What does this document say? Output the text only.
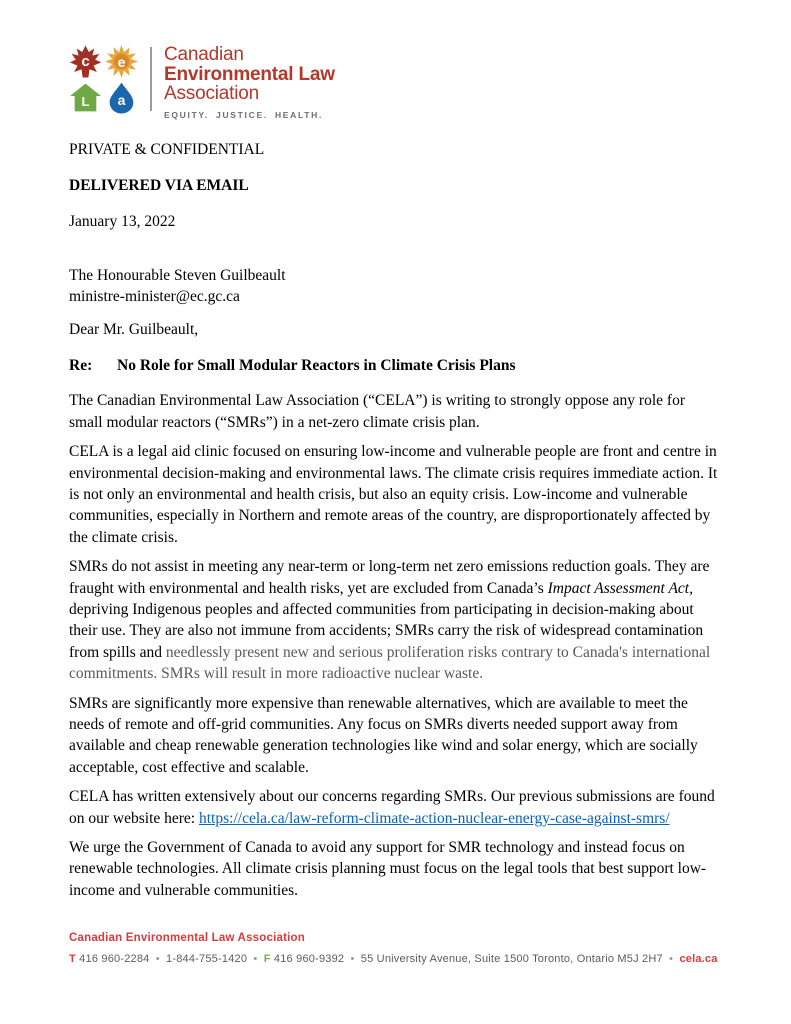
c	e
L	a
Canadian
Environmental Law
Association
EQUITY. JUSTICE. HEALTH.
PRIVATE & CONFIDENTIAL
DELIVERED VIA EMAIL
January 13, 2022
The Honourable Steven Guilbeault
ministre-minister@ec.gc.ca
Dear Mr. Guilbeault,
Re: No Role for Small Modular Reactors in Climate Crisis Plans
The Canadian Environmental Law Association (“CELA”) is writing to strongly oppose any role for
small modular reactors (“SMRs”) in a net-zero climate crisis plan.
CELA is a legal aid clinic focused on ensuring low-income and vulnerable people are front and centre in
environmental decision-making and environmental laws. The climate crisis requires immediate action. It
is not only an environmental and health crisis, but also an equity crisis. Low-income and vulnerable
communities, especially in Northern and remote areas of the country, are disproportionately affected by
the climate crisis.
SMRs do not assist in meeting any near-term or long-term net zero emissions reduction goals. They are
fraught with environmental and health risks, yet are excluded from Canada’s Impact Assessment Act,
depriving Indigenous peoples and affected communities from participating in decision-making about
their use. They are also not immune from accidents; SMRs carry the risk of widespread contamination
from spills and needlessly present new and serious proliferation risks contrary to Canada's international
commitments. SMRs will result in more radioactive nuclear waste.
SMRs are significantly more expensive than renewable alternatives, which are available to meet the
needs of remote and off-grid communities. Any focus on SMRs diverts needed support away from
available and cheap renewable generation technologies like wind and solar energy, which are socially
acceptable, cost effective and scalable.
CELA has written extensively about our concerns regarding SMRs. Our previous submissions are found
on our website here: https://cela.ca/law-reform-climate-action-nuclear-energy-case-against-smrs/
We urge the Government of Canada to avoid any support for SMR technology and instead focus on
renewable technologies. All climate crisis planning must focus on the legal tools that best support low-
income and vulnerable communities.
Canadian Environmental Law Association
T 416 960-2284 • 1-844-755-1420 • F 416 960-9392 • 55 University Avenue, Suite 1500 Toronto, Ontario M5J 2H7 • cela.ca
